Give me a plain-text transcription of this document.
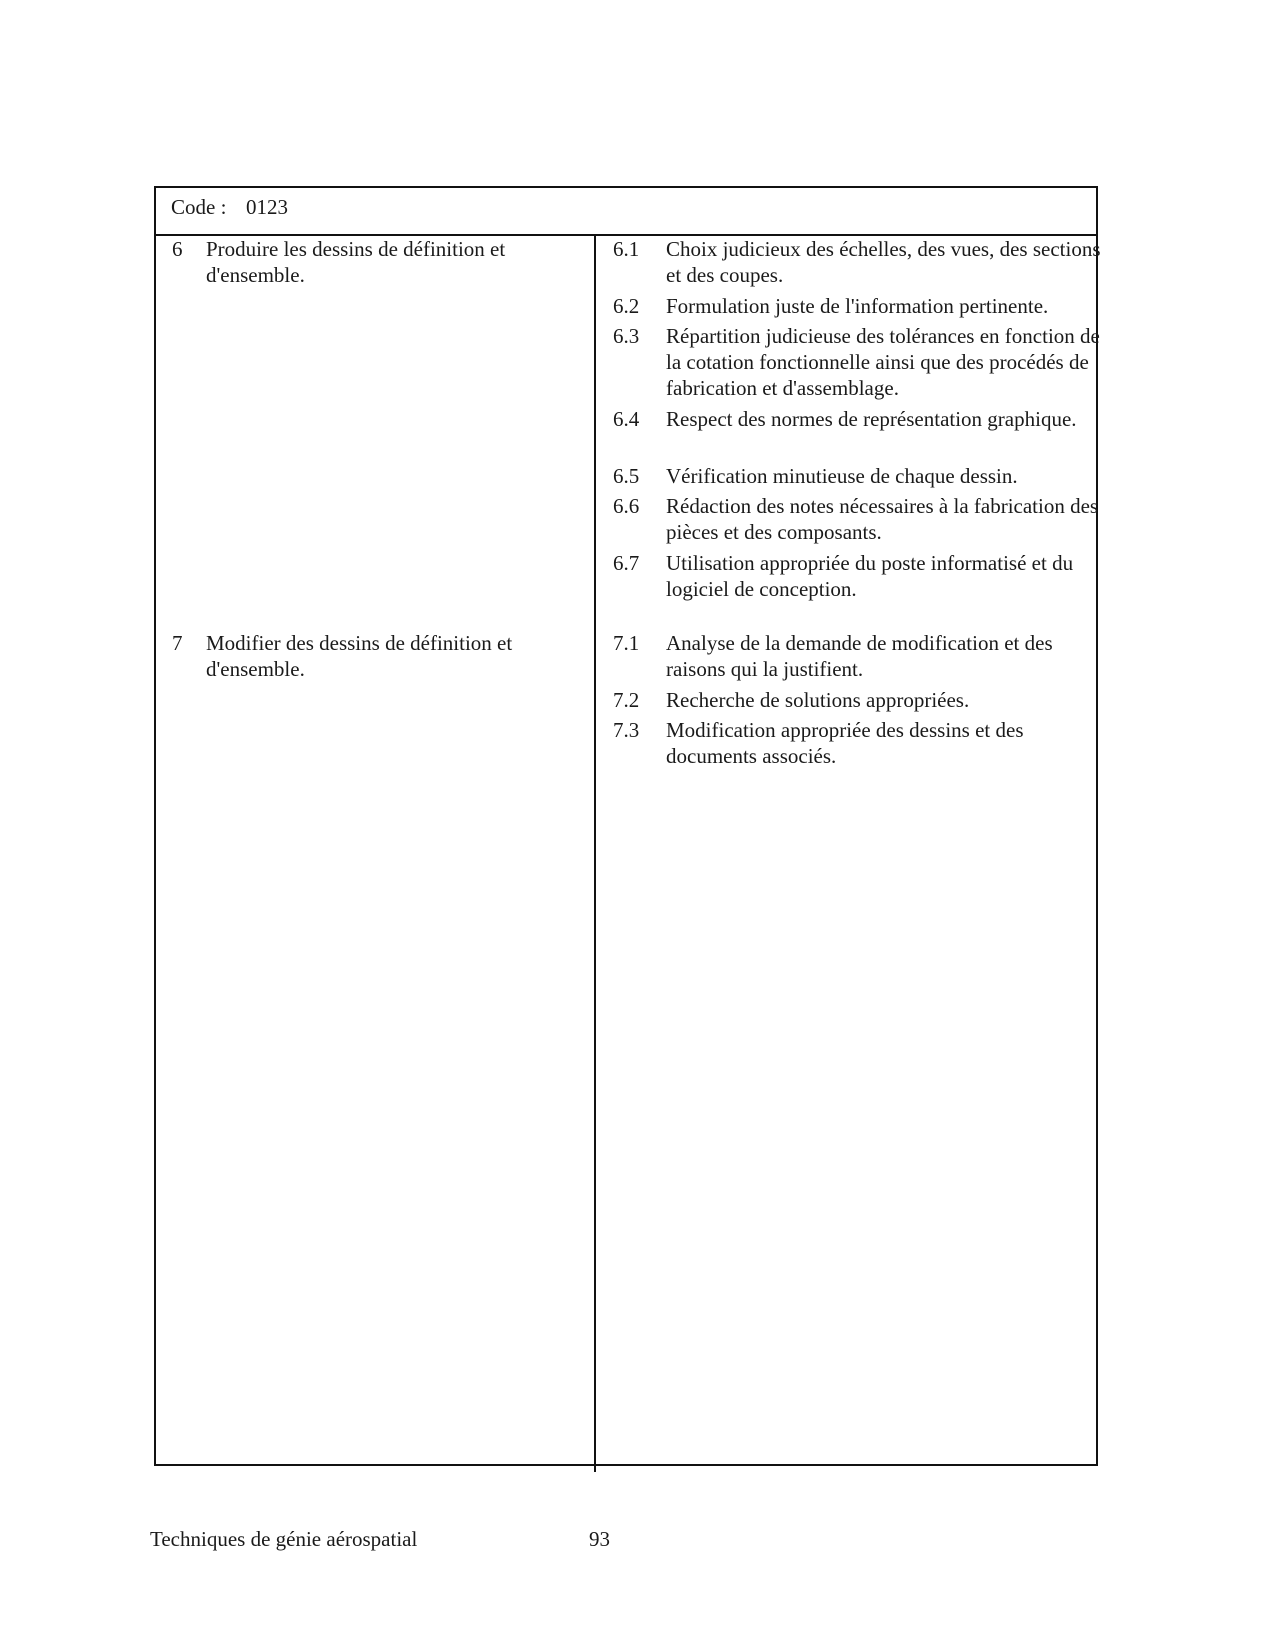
Code : 0123
6 Produire les dessins de définition et d'ensemble.
7 Modifier des dessins de définition et d'ensemble.
6.1 Choix judicieux des échelles, des vues, des sections et des coupes.
6.2 Formulation juste de l'information pertinente.
6.3 Répartition judicieuse des tolérances en fonction de la cotation fonctionnelle ainsi que des procédés de fabrication et d'assemblage.
6.4 Respect des normes de représentation graphique.
6.5 Vérification minutieuse de chaque dessin.
6.6 Rédaction des notes nécessaires à la fabrication des pièces et des composants.
6.7 Utilisation appropriée du poste informatisé et du logiciel de conception.
7.1 Analyse de la demande de modification et des raisons qui la justifient.
7.2 Recherche de solutions appropriées.
7.3 Modification appropriée des dessins et des documents associés.
Techniques de génie aérospatial	93
